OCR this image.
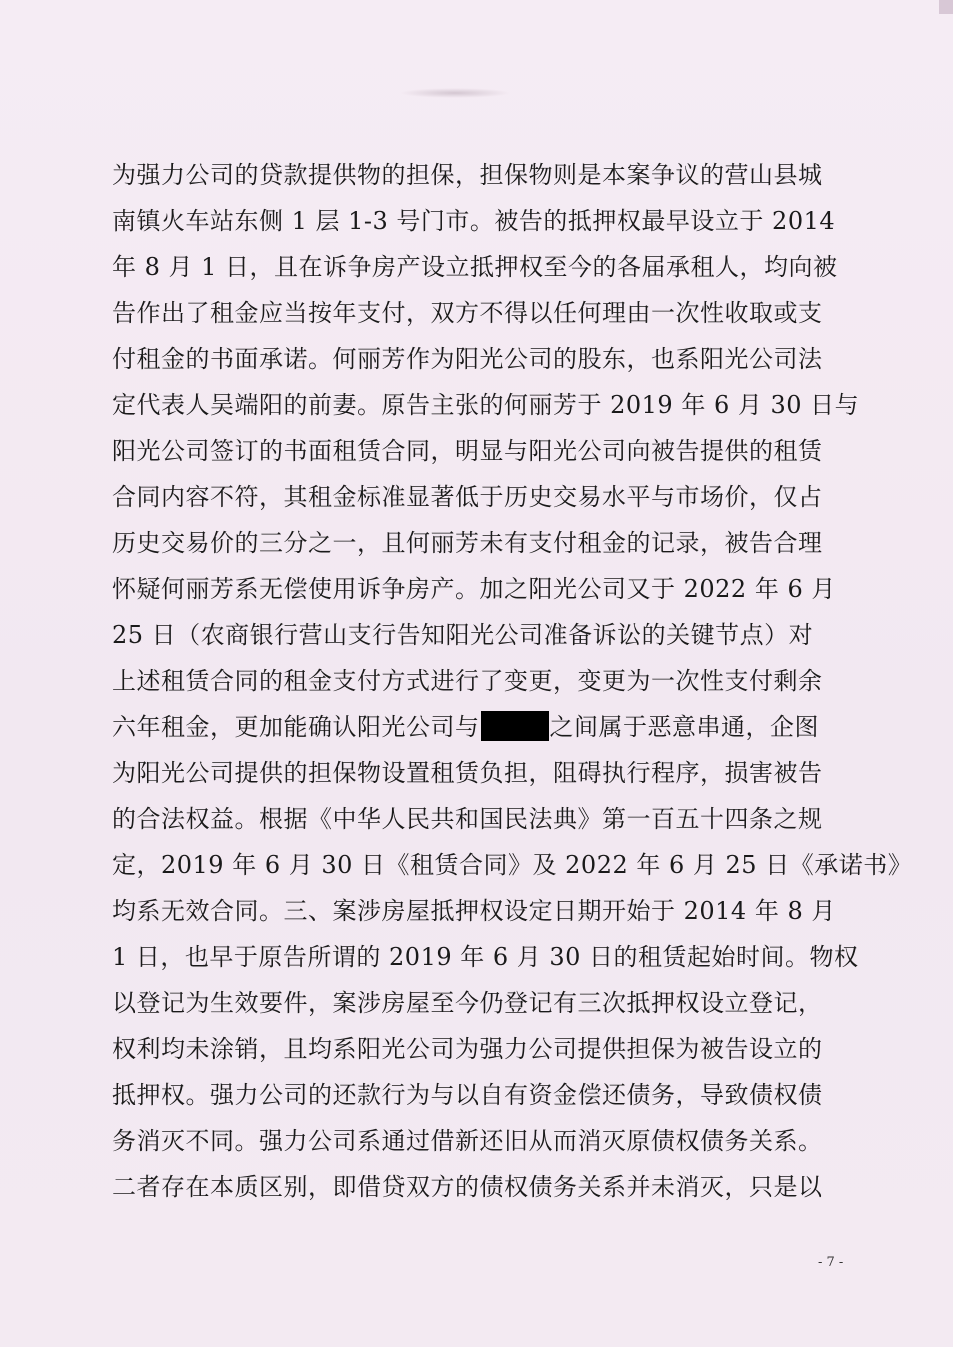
为强力公司的贷款提供物的担保，担保物则是本案争议的营山县城
南镇火车站东侧 1 层 1-3 号门市。被告的抵押权最早设立于 2014
年 8 月 1 日，且在诉争房产设立抵押权至今的各届承租人，均向被
告作出了租金应当按年支付，双方不得以任何理由一次性收取或支
付租金的书面承诺。何丽芳作为阳光公司的股东，也系阳光公司法
定代表人吴端阳的前妻。原告主张的何丽芳于 2019 年 6 月 30 日与
阳光公司签订的书面租赁合同，明显与阳光公司向被告提供的租赁
合同内容不符，其租金标准显著低于历史交易水平与市场价，仅占
历史交易价的三分之一，且何丽芳未有支付租金的记录，被告合理
怀疑何丽芳系无偿使用诉争房产。加之阳光公司又于 2022 年 6 月
25 日（农商银行营山支行告知阳光公司准备诉讼的关键节点）对
上述租赁合同的租金支付方式进行了变更，变更为一次性支付剩余
六年租金，更加能确认阳光公司与	之间属于恶意串通，企图
为阳光公司提供的担保物设置租赁负担，阻碍执行程序，损害被告
的合法权益。根据《中华人民共和国民法典》第一百五十四条之规
定，2019 年 6 月 30 日《租赁合同》及 2022 年 6 月 25 日《承诺书》
均系无效合同。三、案涉房屋抵押权设定日期开始于 2014 年 8 月
1 日，也早于原告所谓的 2019 年 6 月 30 日的租赁起始时间。物权
以登记为生效要件，案涉房屋至今仍登记有三次抵押权设立登记，
权利均未涂销，且均系阳光公司为强力公司提供担保为被告设立的
抵押权。强力公司的还款行为与以自有资金偿还债务，导致债权债
务消灭不同。强力公司系通过借新还旧从而消灭原债权债务关系。
二者存在本质区别，即借贷双方的债权债务关系并未消灭，只是以
- 7 -
